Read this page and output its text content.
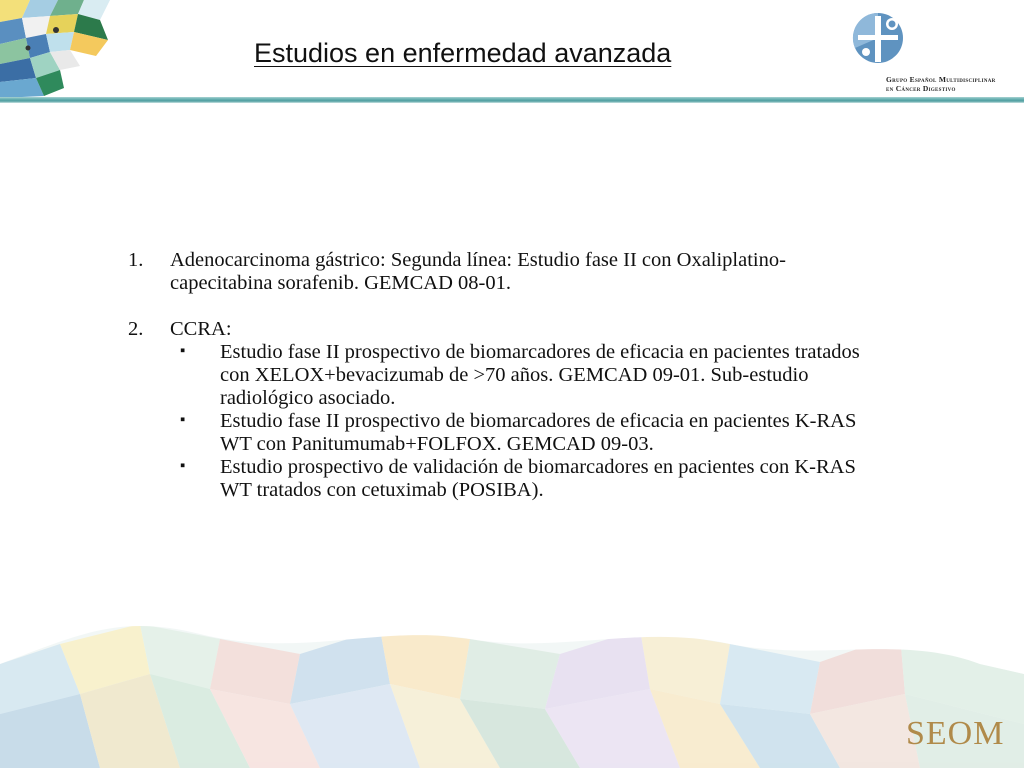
Estudios en enfermedad avanzada
Grupo Español Multidisciplinar
en Cáncer Digestivo
1. Adenocarcinoma gástrico: Segunda línea: Estudio fase II con Oxaliplatino-
capecitabina sorafenib. GEMCAD 08-01.
2. CCRA:
▪ Estudio fase II prospectivo de biomarcadores de eficacia en pacientes tratados
con XELOX+bevacizumab de >70 años. GEMCAD 09-01. Sub-estudio
radiológico asociado.
▪ Estudio fase II prospectivo de biomarcadores de eficacia en pacientes K-RAS
WT con Panitumumab+FOLFOX. GEMCAD 09-03.
▪ Estudio prospectivo de validación de biomarcadores en pacientes con K-RAS
WT tratados con cetuximab (POSIBA).
SEOM
